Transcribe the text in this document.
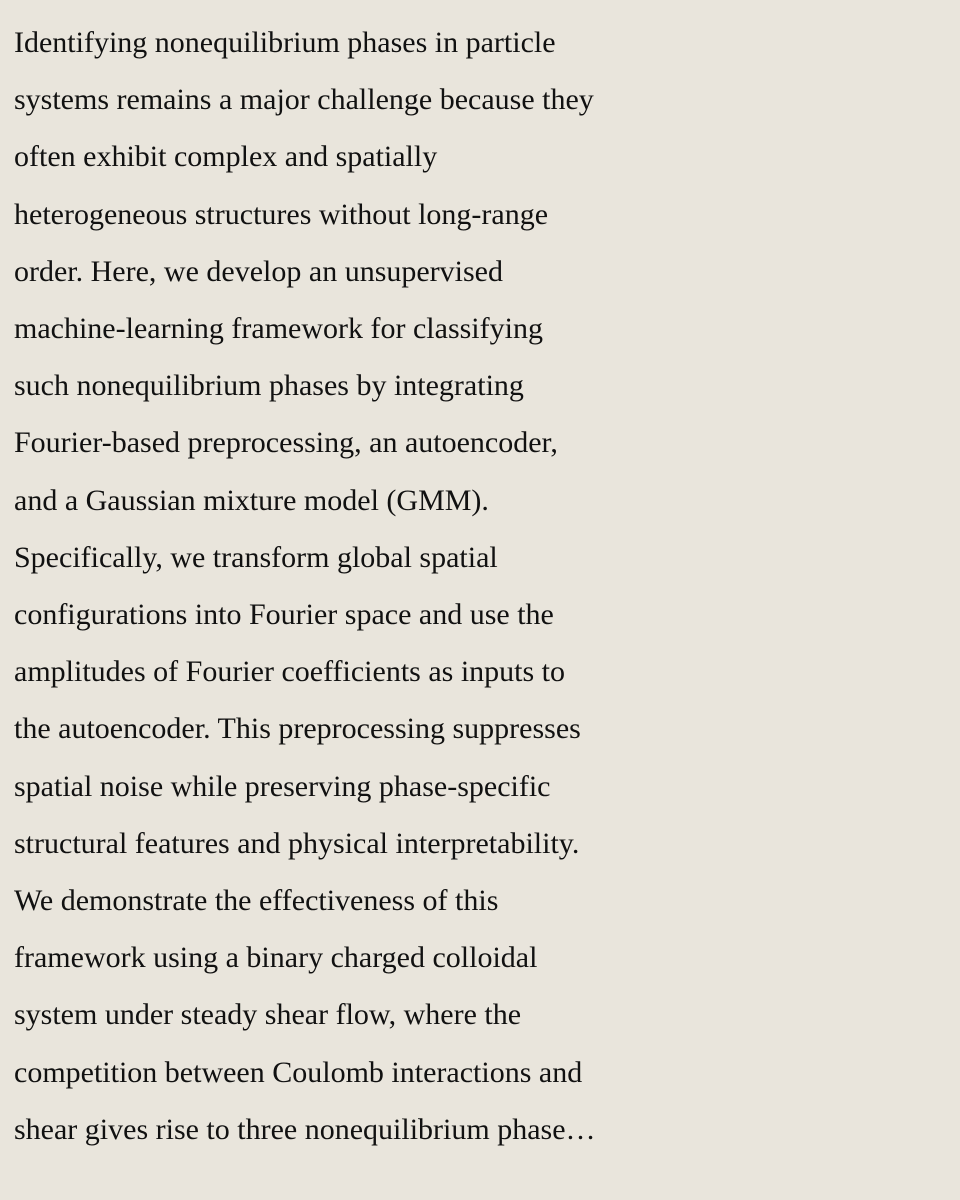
Identifying nonequilibrium phases in particle
systems remains a major challenge because they
often exhibit complex and spatially
heterogeneous structures without long-range
order. Here, we develop an unsupervised
machine-learning framework for classifying
such nonequilibrium phases by integrating
Fourier-based preprocessing, an autoencoder,
and a Gaussian mixture model (GMM).
Specifically, we transform global spatial
configurations into Fourier space and use the
amplitudes of Fourier coefficients as inputs to
the autoencoder. This preprocessing suppresses
spatial noise while preserving phase-specific
structural features and physical interpretability.
We demonstrate the effectiveness of this
framework using a binary charged colloidal
system under steady shear flow, where the
competition between Coulomb interactions and
shear gives rise to three nonequilibrium phase…
